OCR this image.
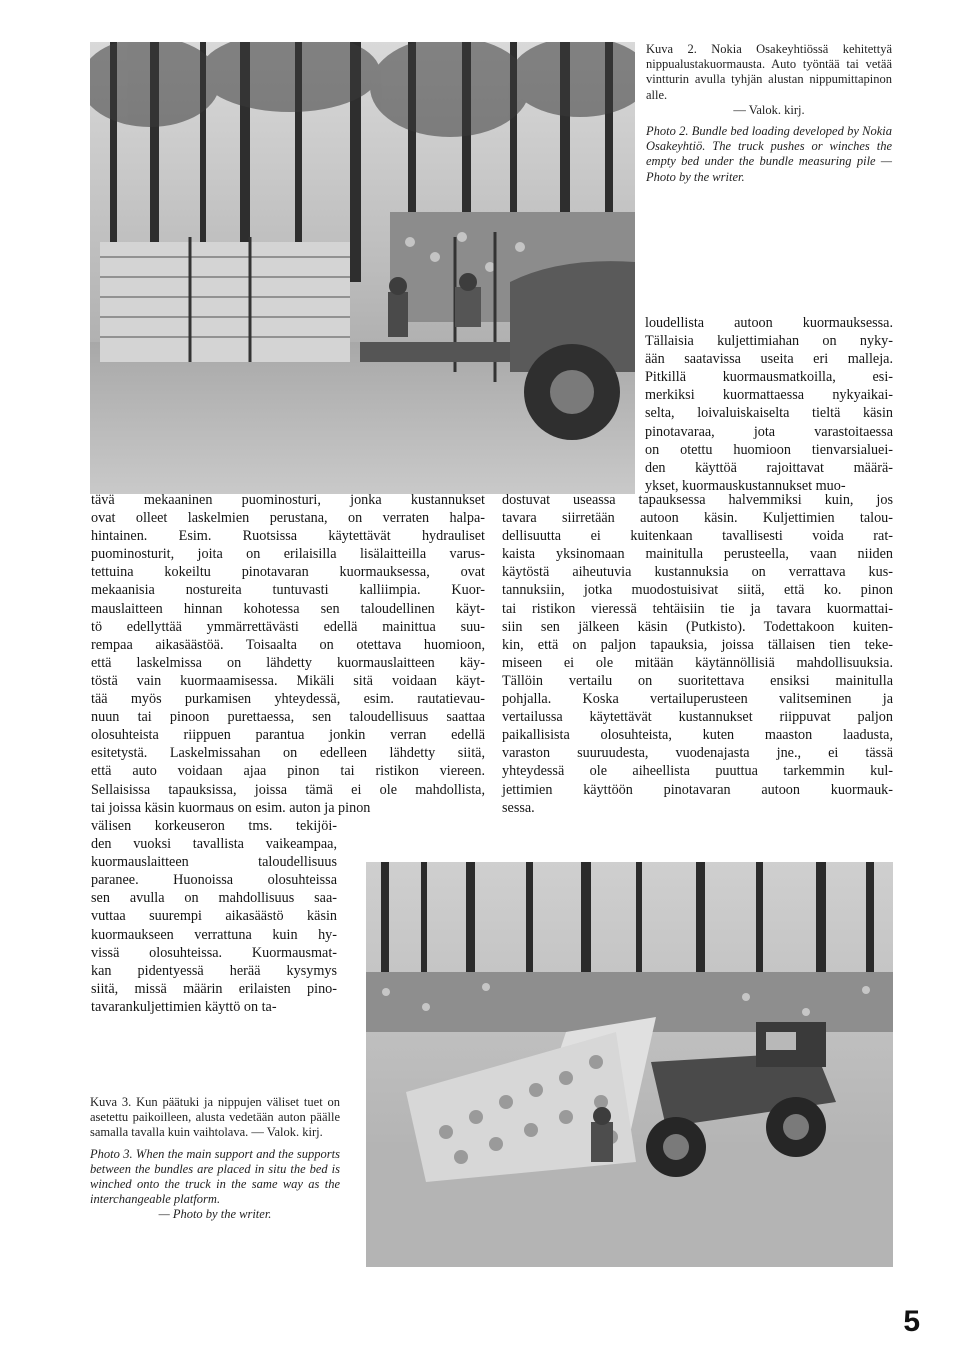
Kuva 2. Nokia Osakeyhtiössä kehitettyä nippualustakuormausta. Auto työntää tai vetää vintturin avulla tyhjän alustan nippumittapinon alle.
— Valok. kirj.

Photo 2. Bundle bed loading developed by Nokia Osakeyhtiö. The truck pushes or winches the empty bed under the bundle measuring pile — Photo by the writer.

loudellista autoon kuormauksessa.
Tällaisia kuljettimiahan on nyky-
ään saatavissa useita eri malleja.
Pitkillä kuormausmatkoilla, esi-
merkiksi kuormattaessa nykyaikai-
selta, loivaluiskaiselta tieltä käsin
pinotavaraa, jota varastoitaessa
on otettu huomioon tienvarsialuei-
den käyttöä rajoittavat määrä-
ykset, kuormauskustannukset muo-
tävä mekaaninen puominosturi, jonka kustannukset
ovat olleet laskelmien perustana, on verraten halpa-
hintainen. Esim. Ruotsissa käytettävät hydrauliset
puominosturit, joita on erilaisilla lisälaitteilla varus-
tettuina kokeiltu pinotavaran kuormauksessa, ovat
mekaanisia nostureita tuntuvasti kalliimpia. Kuor-
mauslaitteen hinnan kohotessa sen taloudellinen käyt-
tö edellyttää ymmärrettävästi edellä mainittua suu-
rempaa aikasäästöä. Toisaalta on otettava huomioon,
että laskelmissa on lähdetty kuormauslaitteen käy-
töstä vain kuormaamisessa. Mikäli sitä voidaan käyt-
tää myös purkamisen yhteydessä, esim. rautatievau-
nuun tai pinoon purettaessa, sen taloudellisuus saattaa
olosuhteista riippuen parantua jonkin verran edellä
esitetystä. Laskelmissahan on edelleen lähdetty siitä,
että auto voidaan ajaa pinon tai ristikon viereen.
Sellaisissa tapauksissa, joissa tämä ei ole mahdollista,
tai joissa käsin kuormaus on esim. auton ja pinon
välisen korkeuseron tms. tekijöi-
den vuoksi tavallista vaikeampaa,
kuormauslaitteen taloudellisuus
paranee. Huonoissa olosuhteissa
sen avulla on mahdollisuus saa-
vuttaa suurempi aikasäästö käsin
kuormaukseen verrattuna kuin hy-
vissä olosuhteissa. Kuormausmat-
kan pidentyessä herää kysymys
siitä, missä määrin erilaisten pino-
tavarankuljettimien käyttö on ta-
dostuvat useassa tapauksessa halvemmiksi kuin, jos
tavara siirretään autoon käsin. Kuljettimien talou-
dellisuutta ei kuitenkaan tavallisesti voida rat-
kaista yksinomaan mainitulla perusteella, vaan niiden
käytöstä aiheutuvia kustannuksia on verrattava kus-
tannuksiin, jotka muodostuisivat siitä, että ko. pinon
tai ristikon vieressä tehtäisiin tie ja tavara kuormattai-
siin sen jälkeen käsin (Putkisto). Todettakoon kuiten-
kin, että on paljon tapauksia, joissa tällaisen tien teke-
miseen ei ole mitään käytännöllisiä mahdollisuuksia.
Tällöin vertailu on suoritettava ensiksi mainitulla
pohjalla. Koska vertailuperusteen valitseminen ja
vertailussa käytettävät kustannukset riippuvat paljon
paikallisista olosuhteista, kuten maaston laadusta,
varaston suuruudesta, vuodenajasta jne., ei tässä
yhteydessä ole aiheellista puuttua tarkemmin kul-
jettimien käyttöön pinotavaran autoon kuormauk-
sessa.

Kuva 3. Kun päätuki ja nippujen väliset tuet on asetettu paikoilleen, alusta vedetään auton päälle samalla tavalla kuin vaihtolava. — Valok. kirj.

Photo 3. When the main support and the supports between the bundles are placed in situ the bed is winched onto the truck in the same way as the interchangeable platform.
— Photo by the writer.

5
